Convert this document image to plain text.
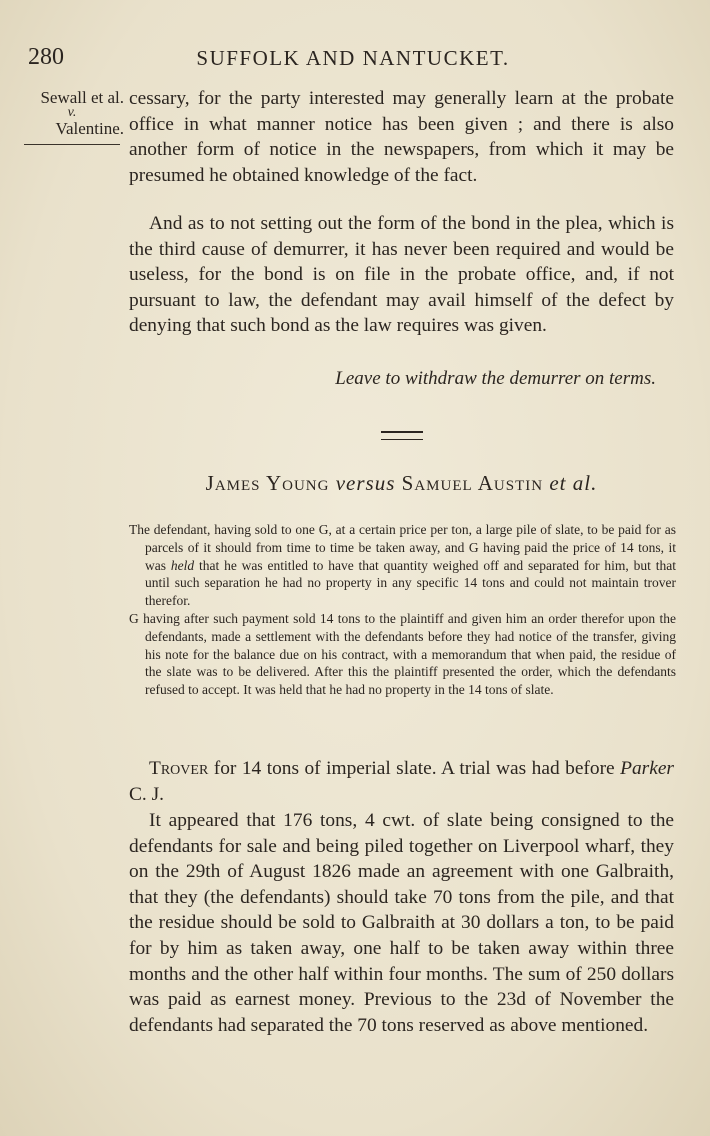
280	SUFFOLK AND NANTUCKET.
Sewall et al.
v.
Valentine.

cessary, for the party interested may generally learn at the probate office in what manner notice has been given ; and there is also another form of notice in the newspapers, from which it may be presumed he obtained knowledge of the fact.

And as to not setting out the form of the bond in the plea, which is the third cause of demurrer, it has never been required and would be useless, for the bond is on file in the probate office, and, if not pursuant to law, the defendant may avail himself of the defect by denying that such bond as the law requires was given.

Leave to withdraw the demurrer on terms.
James Young versus Samuel Austin et al.

The defendant, having sold to one G, at a certain price per ton, a large pile of slate, to be paid for as parcels of it should from time to time be taken away, and G having paid the price of 14 tons, it was held that he was entitled to have that quantity weighed off and separated for him, but that until such separation he had no property in any specific 14 tons and could not maintain trover therefor.

G having after such payment sold 14 tons to the plaintiff and given him an order therefor upon the defendants, made a settlement with the defendants before they had notice of the transfer, giving his note for the balance due on his contract, with a memorandum that when paid, the residue of the slate was to be delivered. After this the plaintiff presented the order, which the defendants refused to accept. It was held that he had no property in the 14 tons of slate.

Trover for 14 tons of imperial slate. A trial was had before Parker C. J.

It appeared that 176 tons, 4 cwt. of slate being consigned to the defendants for sale and being piled together on Liverpool wharf, they on the 29th of August 1826 made an agreement with one Galbraith, that they (the defendants) should take 70 tons from the pile, and that the residue should be sold to Galbraith at 30 dollars a ton, to be paid for by him as taken away, one half to be taken away within three months and the other half within four months. The sum of 250 dollars was paid as earnest money. Previous to the 23d of November the defendants had separated the 70 tons reserved as above mentioned.
